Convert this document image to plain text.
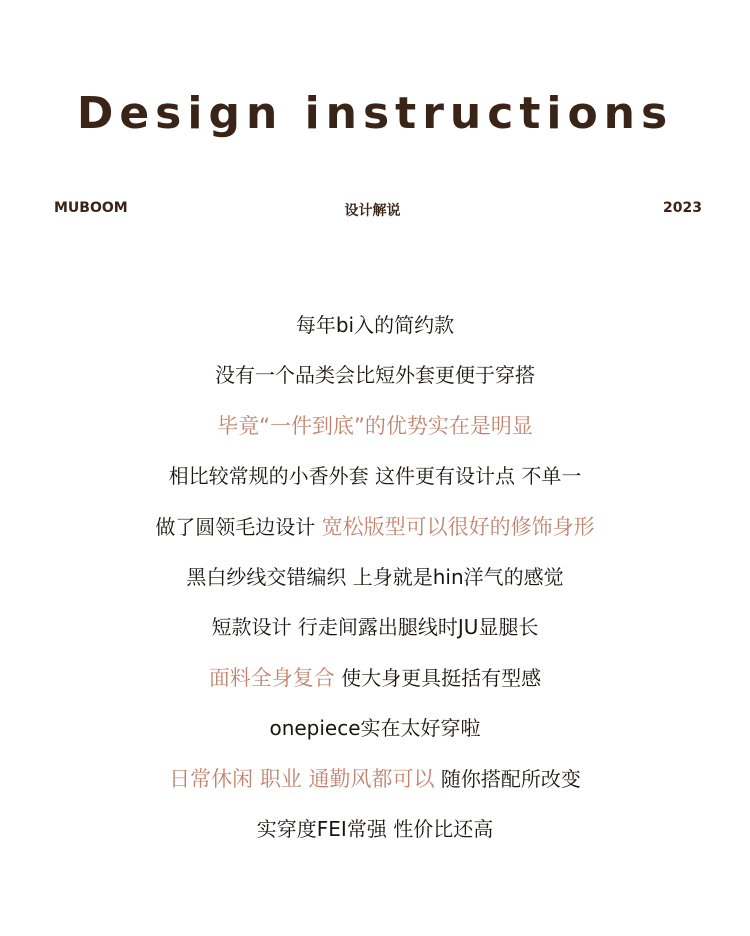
Design instructions
MUBOOM	设计解说	2023
每年bi入的简约款
没有一个品类会比短外套更便于穿搭
毕竟“一件到底”的优势实在是明显
相比较常规的小香外套 这件更有设计点 不单一
做了圆领毛边设计 宽松版型可以很好的修饰身形
黑白纱线交错编织 上身就是hin洋气的感觉
短款设计 行走间露出腿线时JU显腿长
面料全身复合 使大身更具挺括有型感
onepiece实在太好穿啦
日常休闲 职业 通勤风都可以 随你搭配所改变
实穿度FEI常强 性价比还高
